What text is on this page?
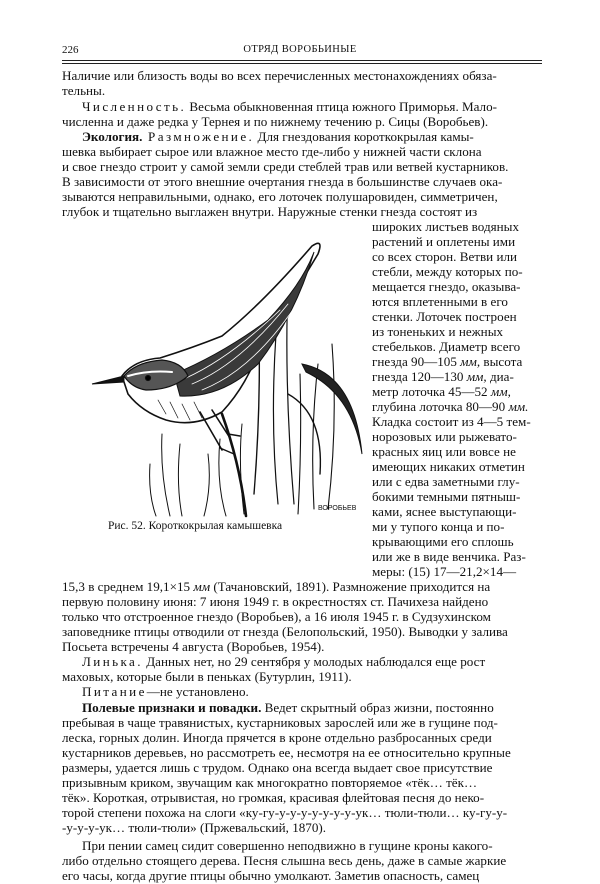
226	ОТРЯД ВОРОБЬИНЫЕ
Наличие или близость воды во всех перечисленных местонахождениях обяза-
тельны.
Численность. Весьма обыкновенная птица южного Приморья. Мало-
численна и даже редка у Тернея и по нижнему течению р. Сицы (Воробьев).
Экология. Размножение. Для гнездования короткокрылая камы-
шевка выбирает сырое или влажное место где-либо у нижней части склона
и свое гнездо строит у самой земли среди стеблей трав или ветвей кустарников.
В зависимости от этого внешние очертания гнезда в большинстве случаев ока-
зываются неправильными, однако, его лоточек полушаровиден, симметричен,
глубок и тщательно выглажен внутри. Наружные стенки гнезда состоят из
широких листьев водяных
растений и оплетены ими
со всех сторон. Ветви или
стебли, между которых по-
мещается гнездо, оказыва-
ются вплетенными в его
стенки. Лоточек построен
из тоненьких и нежных
стебельков. Диаметр всего
гнезда 90—105 мм, высота
гнезда 120—130 мм, диа-
метр лоточка 45—52 мм,
глубина лоточка 80—90 мм.
Кладка состоит из 4—5 тем-
норозовых или рыжевато-
красных яиц или вовсе не
имеющих никаких отметин
или с едва заметными глу-
бокими темными пятныш-
ками, яснее выступающи-
ми у тупого конца и по-
крывающими его сплошь
или же в виде венчика. Раз-
меры: (15) 17—21,2×14—
ВОРОБЬЕВ
Рис. 52. Короткокрылая камышевка
15,3 в среднем 19,1×15 мм (Тачановский, 1891). Размножение приходится на
первую половину июня: 7 июня 1949 г. в окрестностях ст. Пачихеза найдено
только что отстроенное гнездо (Воробьев), а 16 июля 1945 г. в Судзухинском
заповеднике птицы отводили от гнезда (Белопольский, 1950). Выводки у залива
Посьета встречены 4 августа (Воробьев, 1954).
Линька. Данных нет, но 29 сентября у молодых наблюдался еще рост
маховых, которые были в пеньках (Бутурлин, 1911).
Питание—не установлено.
Полевые признаки и повадки. Ведет скрытный образ жизни, постоянно
пребывая в чаще травянистых, кустарниковых зарослей или же в гущине под-
леска, горных долин. Иногда прячется в кроне отдельно разбросанных среди
кустарников деревьев, но рассмотреть ее, несмотря на ее относительно крупные
размеры, удается лишь с трудом. Однако она всегда выдает свое присутствие
призывным криком, звучащим как многократно повторяемое «тёк… тёк…
тёк». Короткая, отрывистая, но громкая, красивая флейтовая песня до неко-
торой степени похожа на слоги «ку-гу-у-у-у-у-у-у-у-ук… тюли-тюли… ку-гу-у-
-у-у-у-ук… тюли-тюли» (Пржевальский, 1870).
При пении самец сидит совершенно неподвижно в гущине кроны какого-
либо отдельно стоящего дерева. Песня слышна весь день, даже в самые жаркие
его часы, когда другие птицы обычно умолкают. Заметив опасность, самец
